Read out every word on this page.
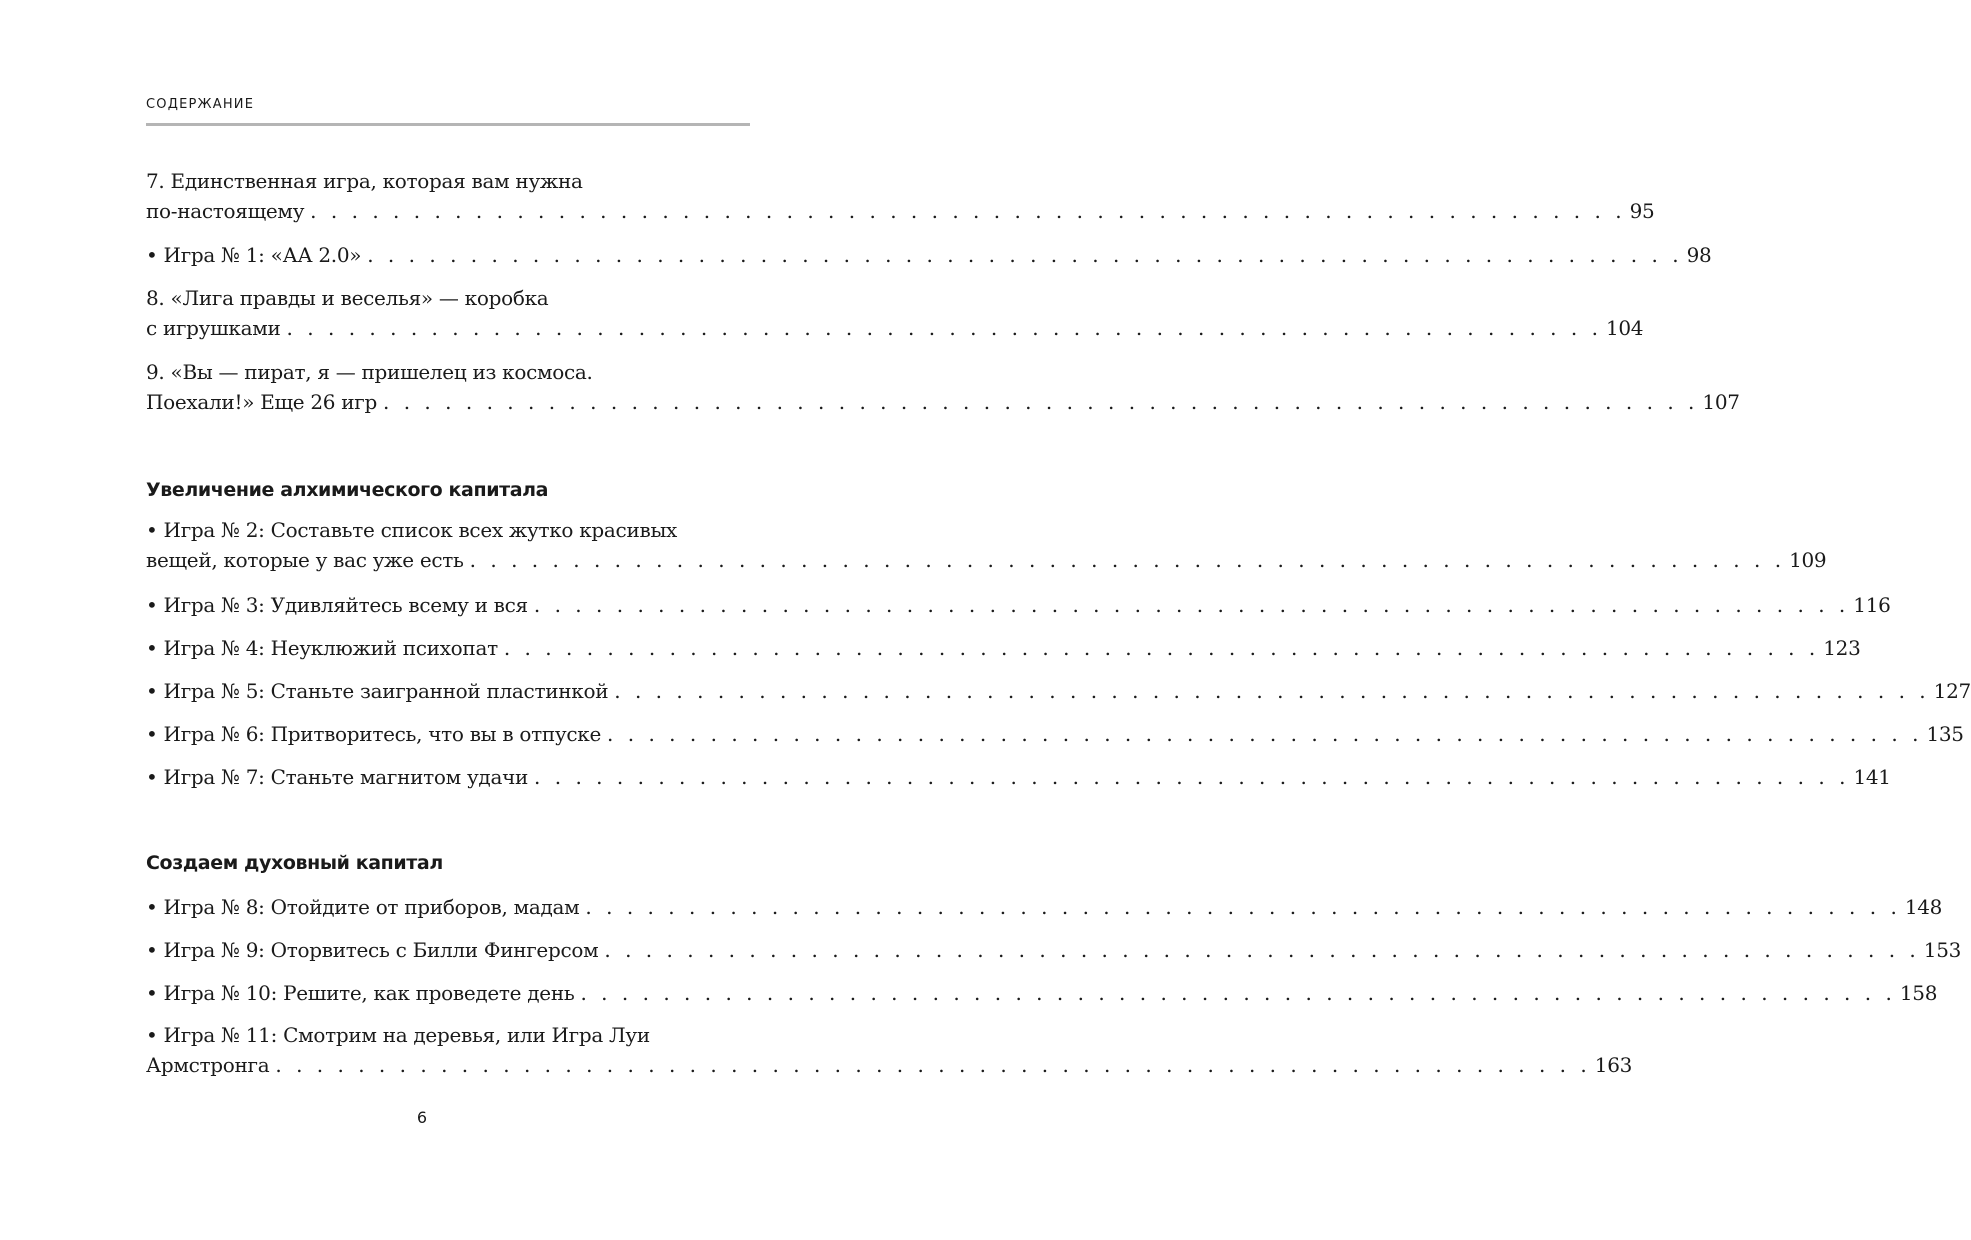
СОДЕРЖАНИЕ
7. Единственная игра, которая вам нужна
по-настоящему . . . . . . . . . . . . . . . . . . . . . . . . . . . . . . . . . . . . . . . . . . . . . . . . . . . . . . . . . . . . . . . . 95
• Игра № 1: «АА 2.0» . . . . . . . . . . . . . . . . . . . . . . . . . . . . . . . . . . . . . . . . . . . . . . . . . . . . . . . . . . . . . . . . 98
8. «Лига правды и веселья» — коробка
с игрушками . . . . . . . . . . . . . . . . . . . . . . . . . . . . . . . . . . . . . . . . . . . . . . . . . . . . . . . . . . . . . . . . 104
9. «Вы — пират, я — пришелец из космоса.
Поехали!» Еще 26 игр . . . . . . . . . . . . . . . . . . . . . . . . . . . . . . . . . . . . . . . . . . . . . . . . . . . . . . . . . . . . . . . . 107
Увеличение алхимического капитала
• Игра № 2: Составьте список всех жутко красивых
вещей, которые у вас уже есть . . . . . . . . . . . . . . . . . . . . . . . . . . . . . . . . . . . . . . . . . . . . . . . . . . . . . . . . . . . . . . . . 109
• Игра № 3: Удивляйтесь всему и вся . . . . . . . . . . . . . . . . . . . . . . . . . . . . . . . . . . . . . . . . . . . . . . . . . . . . . . . . . . . . . . . . 116
• Игра № 4: Неуклюжий психопат . . . . . . . . . . . . . . . . . . . . . . . . . . . . . . . . . . . . . . . . . . . . . . . . . . . . . . . . . . . . . . . . 123
• Игра № 5: Станьте заигранной пластинкой . . . . . . . . . . . . . . . . . . . . . . . . . . . . . . . . . . . . . . . . . . . . . . . . . . . . . . . . . . . . . . . . 127
• Игра № 6: Притворитесь, что вы в отпуске . . . . . . . . . . . . . . . . . . . . . . . . . . . . . . . . . . . . . . . . . . . . . . . . . . . . . . . . . . . . . . . . 135
• Игра № 7: Станьте магнитом удачи . . . . . . . . . . . . . . . . . . . . . . . . . . . . . . . . . . . . . . . . . . . . . . . . . . . . . . . . . . . . . . . . 141
Создаем духовный капитал
• Игра № 8: Отойдите от приборов, мадам . . . . . . . . . . . . . . . . . . . . . . . . . . . . . . . . . . . . . . . . . . . . . . . . . . . . . . . . . . . . . . . . 148
• Игра № 9: Оторвитесь с Билли Фингерсом . . . . . . . . . . . . . . . . . . . . . . . . . . . . . . . . . . . . . . . . . . . . . . . . . . . . . . . . . . . . . . . . 153
• Игра № 10: Решите, как проведете день . . . . . . . . . . . . . . . . . . . . . . . . . . . . . . . . . . . . . . . . . . . . . . . . . . . . . . . . . . . . . . . . 158
• Игра № 11: Смотрим на деревья, или Игра Луи
Армстронга . . . . . . . . . . . . . . . . . . . . . . . . . . . . . . . . . . . . . . . . . . . . . . . . . . . . . . . . . . . . . . . . 163
6
